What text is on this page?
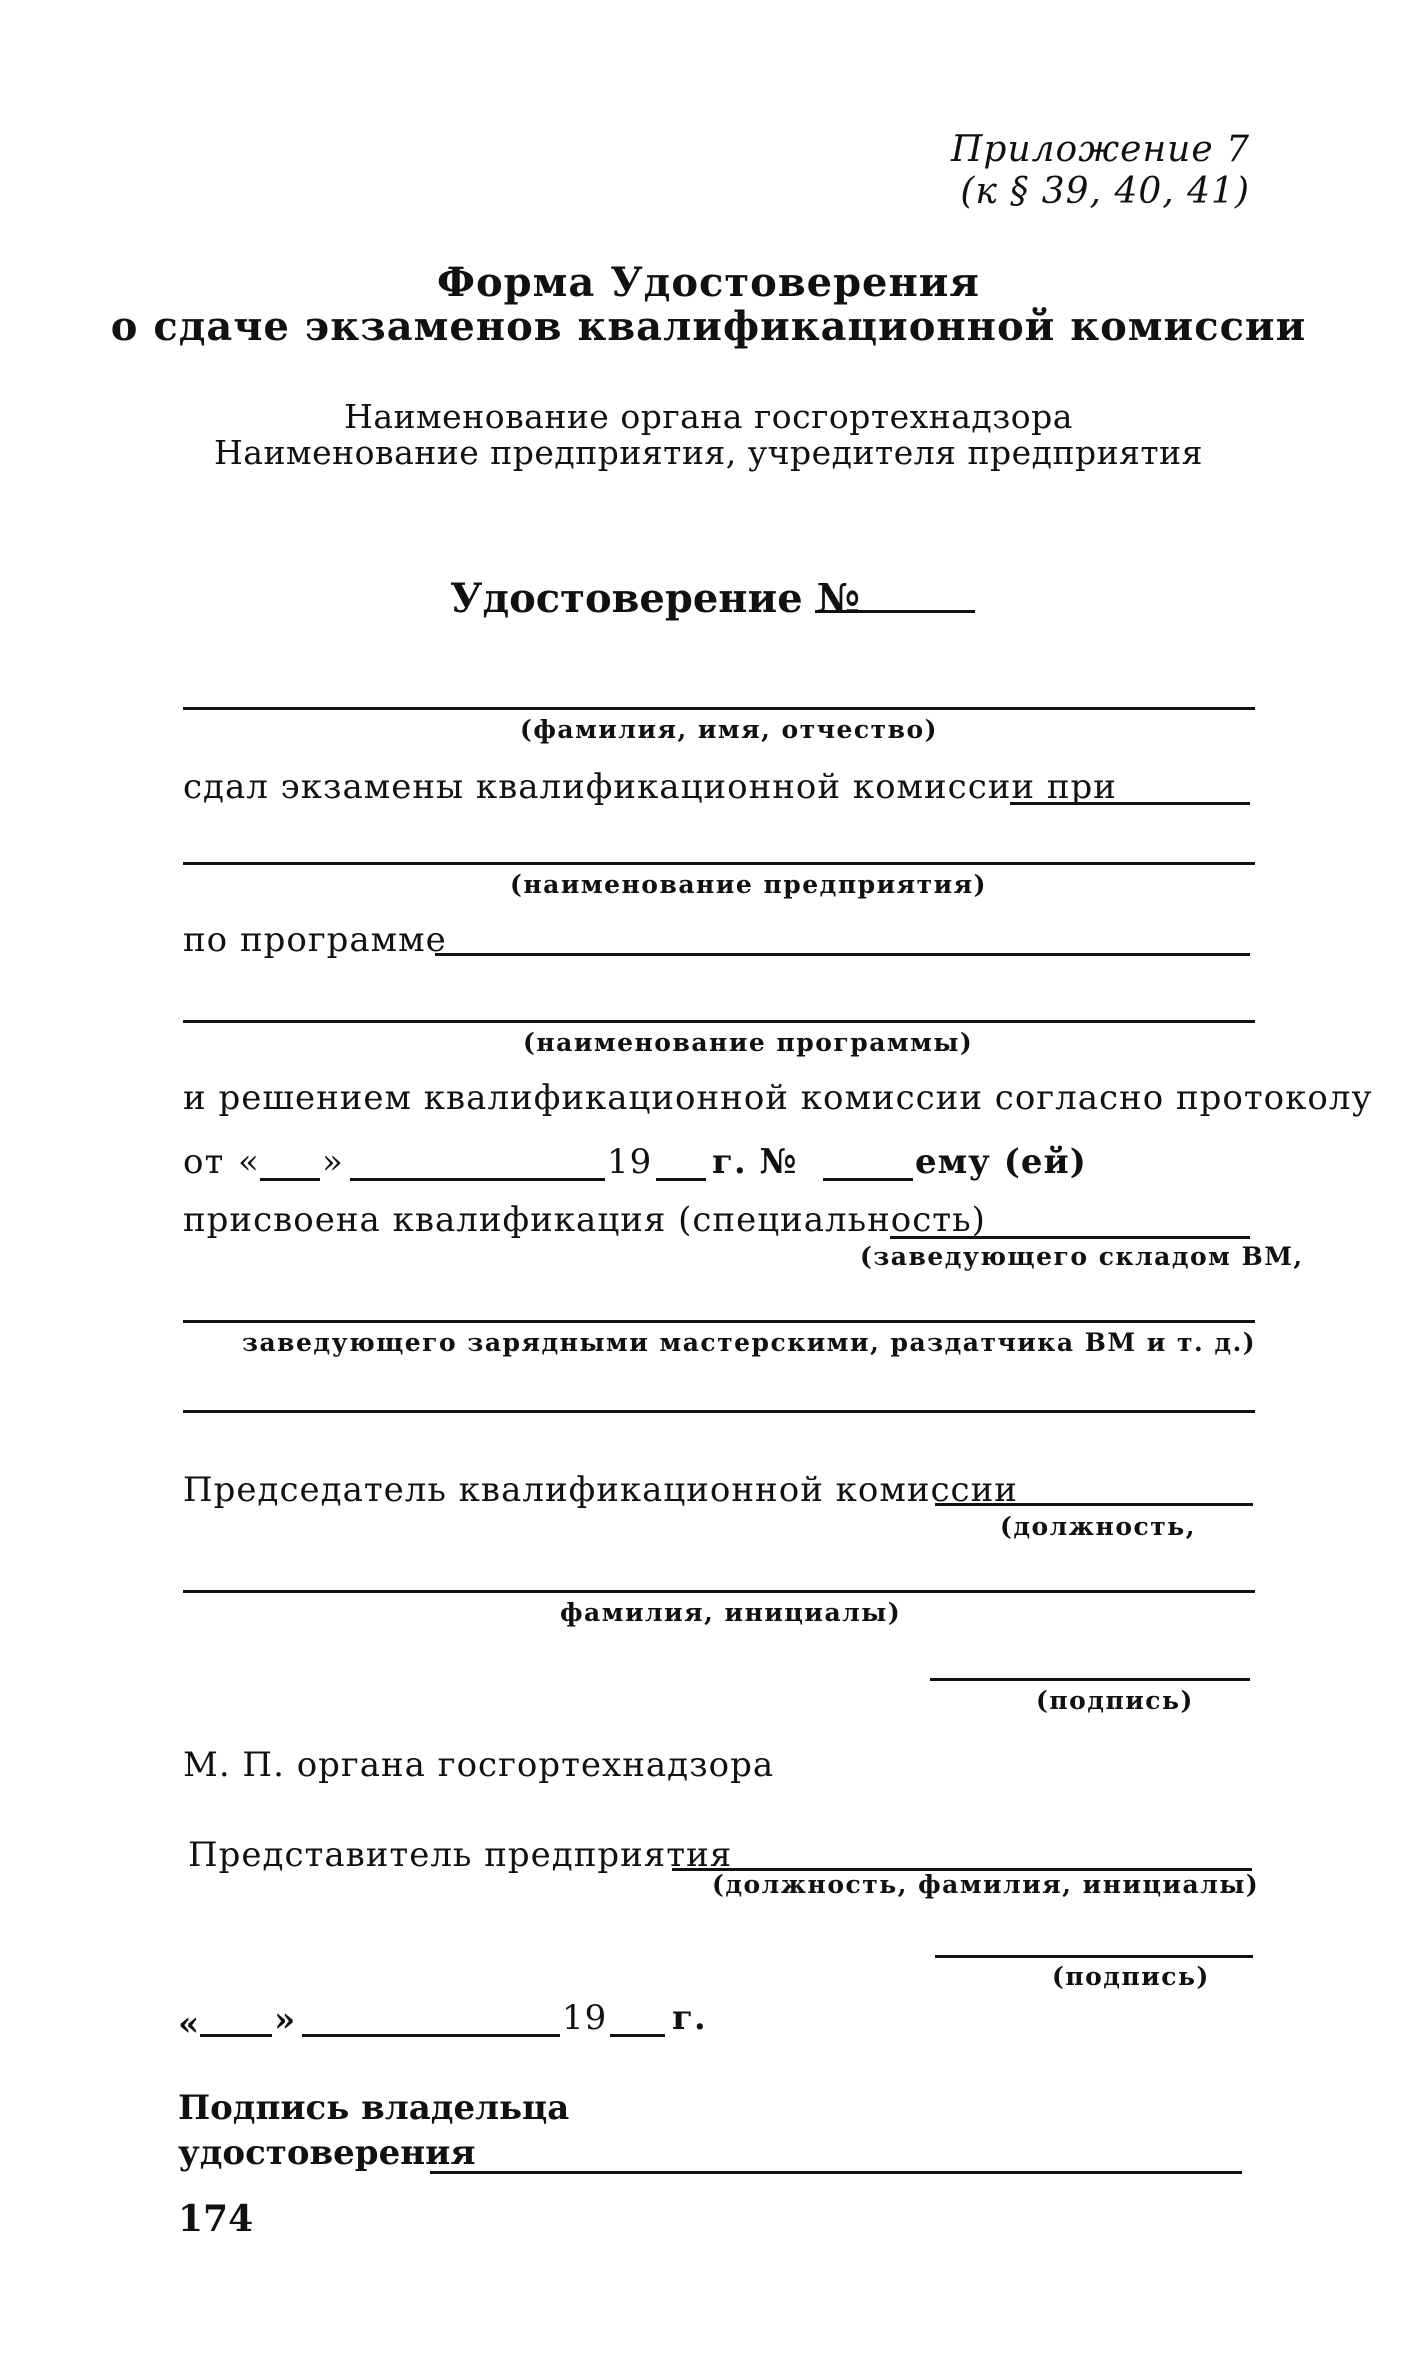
Приложение 7
(к § 39, 40, 41)
Форма Удостоверения
о сдаче экзаменов квалификационной комиссии
Наименование органа госгортехнадзора
Наименование предприятия, учредителя предприятия
Удостоверение №
(фамилия, имя, отчество)
сдал экзамены квалификационной комиссии при
(наименование предприятия)
по программе
(наименование программы)
и решением квалификационной комиссии согласно протоколу
от « »	19 г. №	ему (ей)
присвоена квалификация (специальность)
(заведующего складом ВМ,
заведующего зарядными мастерскими, раздатчика ВМ и т. д.)
Председатель квалификационной комиссии
(должность,
фамилия, инициалы)
(подпись)
М. П. органа госгортехнадзора
Представитель предприятия
(должность, фамилия, инициалы)
(подпись)
« »	19 г.
Подпись владельца
удостоверения
174
